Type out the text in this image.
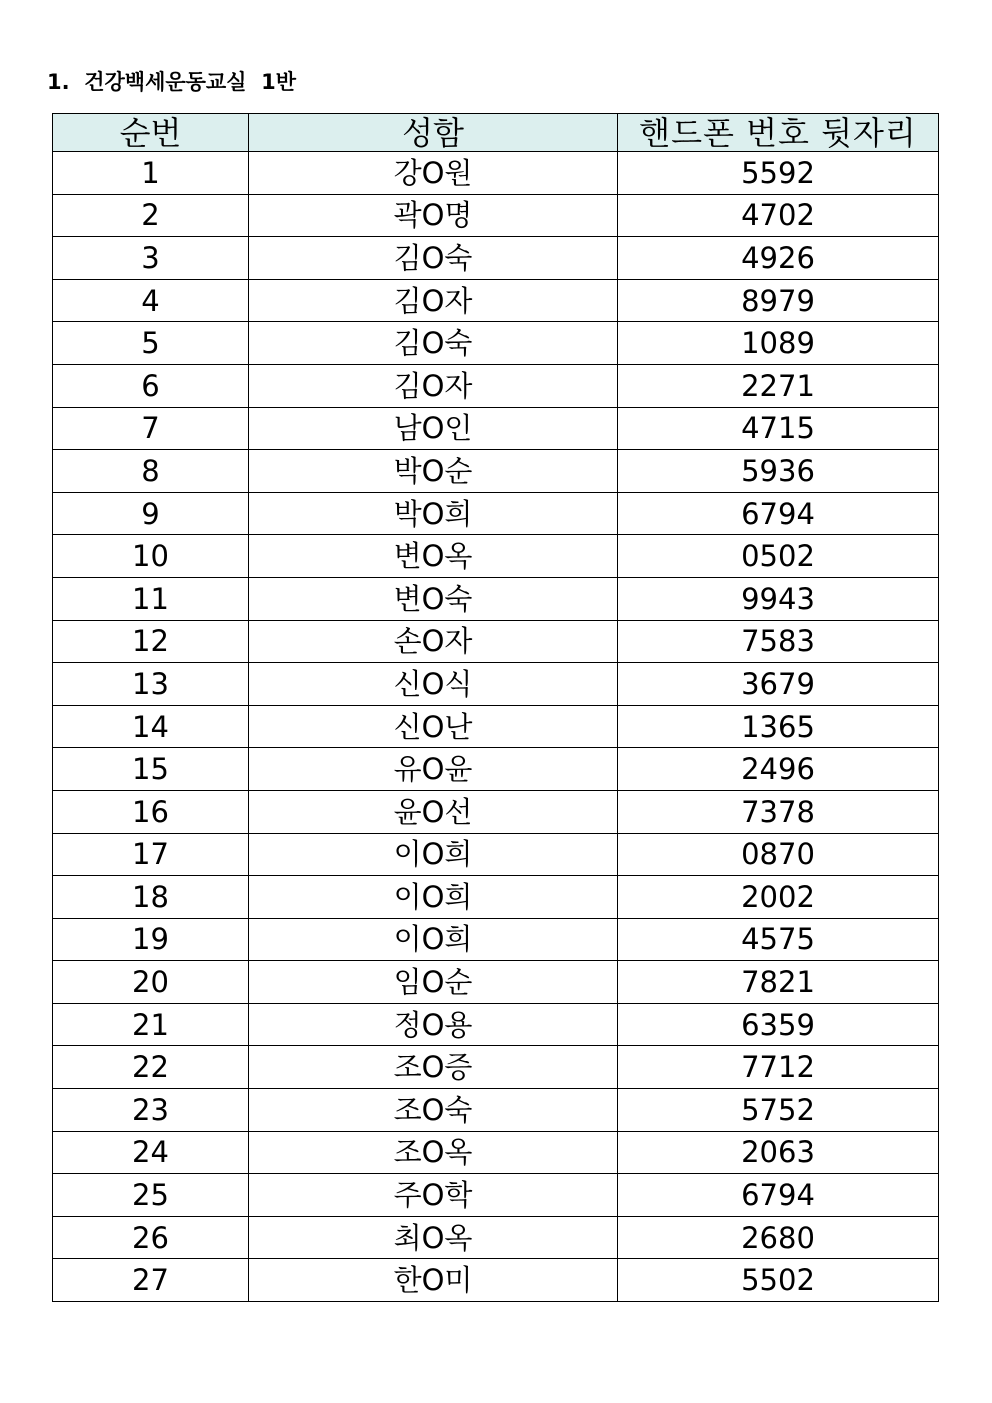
1.  건강백세운동교실  1반
순번	성함	핸드폰 번호 뒷자리
1	강O원	5592
2	곽O명	4702
3	김O숙	4926
4	김O자	8979
5	김O숙	1089
6	김O자	2271
7	남O인	4715
8	박O순	5936
9	박O희	6794
10	변O옥	0502
11	변O숙	9943
12	손O자	7583
13	신O식	3679
14	신O난	1365
15	유O윤	2496
16	윤O선	7378
17	이O희	0870
18	이O희	2002
19	이O희	4575
20	임O순	7821
21	정O용	6359
22	조O증	7712
23	조O숙	5752
24	조O옥	2063
25	주O학	6794
26	최O옥	2680
27	한O미	5502
